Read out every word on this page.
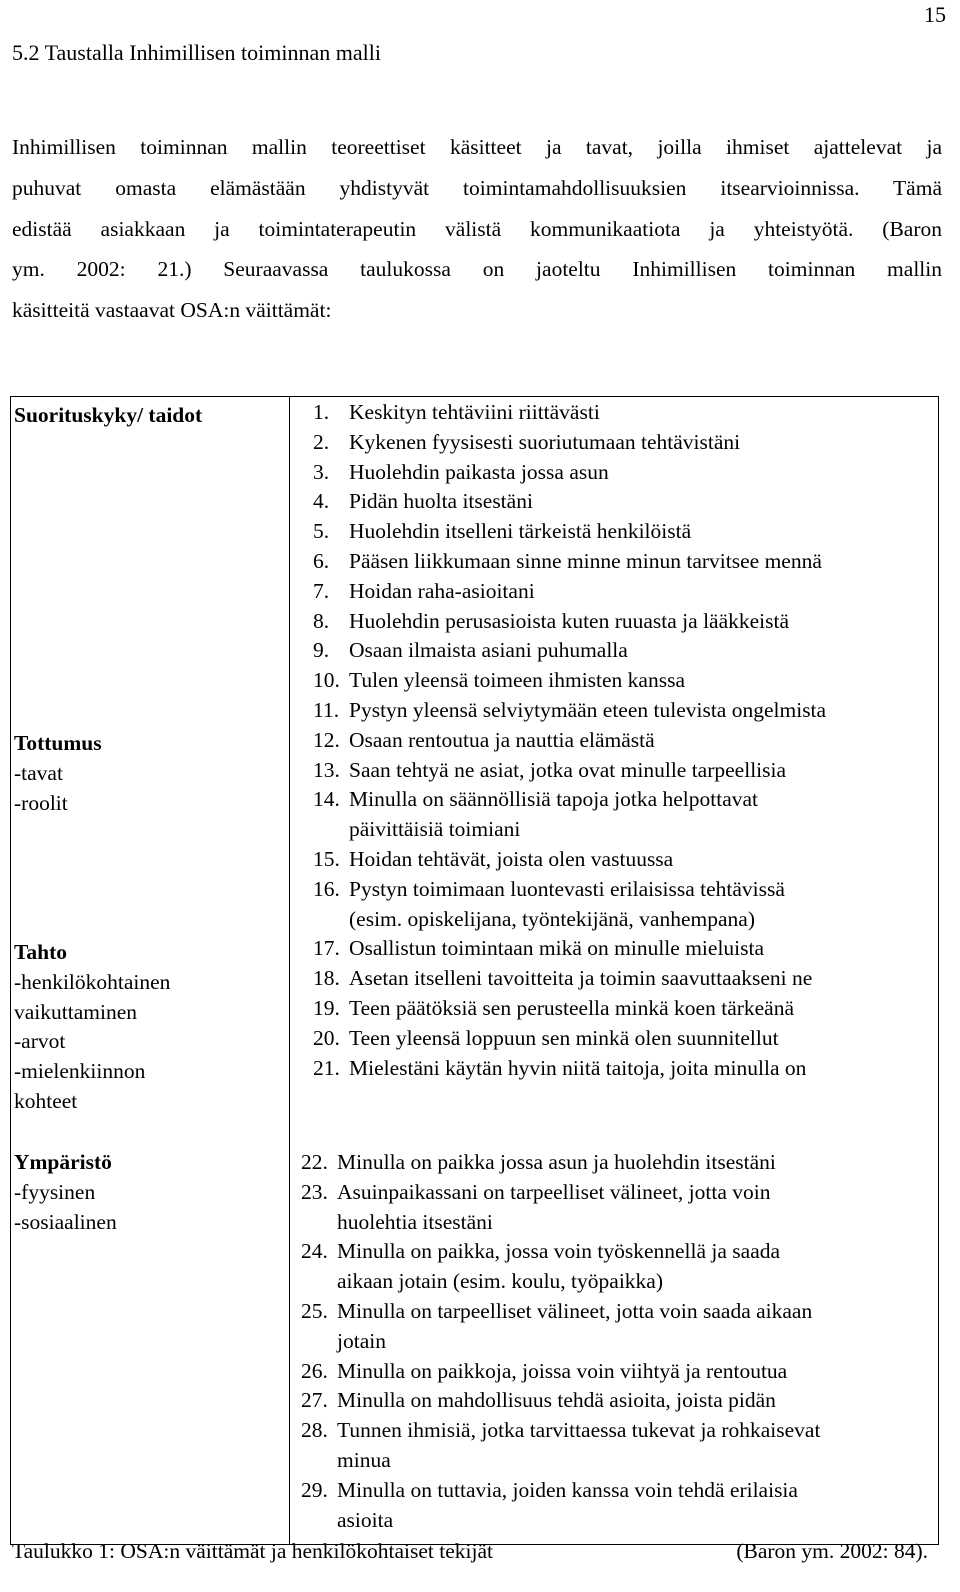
15
5.2 Taustalla Inhimillisen toiminnan malli
Inhimillisen toiminnan mallin teoreettiset käsitteet ja tavat, joilla ihmiset ajattelevat ja
puhuvat omasta elämästään yhdistyvät toimintamahdollisuuksien itsearvioinnissa. Tämä
edistää asiakkaan ja toimintaterapeutin välistä kommunikaatiota ja yhteistyötä. (Baron
ym. 2002: 21.) Seuraavassa taulukossa on jaoteltu Inhimillisen toiminnan mallin
käsitteitä vastaavat OSA:n väittämät:
Suorituskyky/ taidot
Tottumus
-tavat
-roolit
Tahto
-henkilökohtainen
vaikuttaminen
-arvot
-mielenkiinnon
kohteet
Ympäristö
-fyysinen
-sosiaalinen
1. Keskityn tehtäviini riittävästi
2. Kykenen fyysisesti suoriutumaan tehtävistäni
3. Huolehdin paikasta jossa asun
4. Pidän huolta itsestäni
5. Huolehdin itselleni tärkeistä henkilöistä
6. Pääsen liikkumaan sinne minne minun tarvitsee mennä
7. Hoidan raha-asioitani
8. Huolehdin perusasioista kuten ruuasta ja lääkkeistä
9. Osaan ilmaista asiani puhumalla
10. Tulen yleensä toimeen ihmisten kanssa
11. Pystyn yleensä selviytymään eteen tulevista ongelmista
12. Osaan rentoutua ja nauttia elämästä
13. Saan tehtyä ne asiat, jotka ovat minulle tarpeellisia
14. Minulla on säännöllisiä tapoja jotka helpottavat
päivittäisiä toimiani
15. Hoidan tehtävät, joista olen vastuussa
16. Pystyn toimimaan luontevasti erilaisissa tehtävissä
(esim. opiskelijana, työntekijänä, vanhempana)
17. Osallistun toimintaan mikä on minulle mieluista
18. Asetan itselleni tavoitteita ja toimin saavuttaakseni ne
19. Teen päätöksiä sen perusteella minkä koen tärkeänä
20. Teen yleensä loppuun sen minkä olen suunnitellut
21. Mielestäni käytän hyvin niitä taitoja, joita minulla on
22. Minulla on paikka jossa asun ja huolehdin itsestäni
23. Asuinpaikassani on tarpeelliset välineet, jotta voin
huolehtia itsestäni
24. Minulla on paikka, jossa voin työskennellä ja saada
aikaan jotain (esim. koulu, työpaikka)
25. Minulla on tarpeelliset välineet, jotta voin saada aikaan
jotain
26. Minulla on paikkoja, joissa voin viihtyä ja rentoutua
27. Minulla on mahdollisuus tehdä asioita, joista pidän
28. Tunnen ihmisiä, jotka tarvittaessa tukevat ja rohkaisevat
minua
29. Minulla on tuttavia, joiden kanssa voin tehdä erilaisia
asioita
Taulukko 1: OSA:n väittämät ja henkilökohtaiset tekijät	(Baron ym. 2002: 84).
